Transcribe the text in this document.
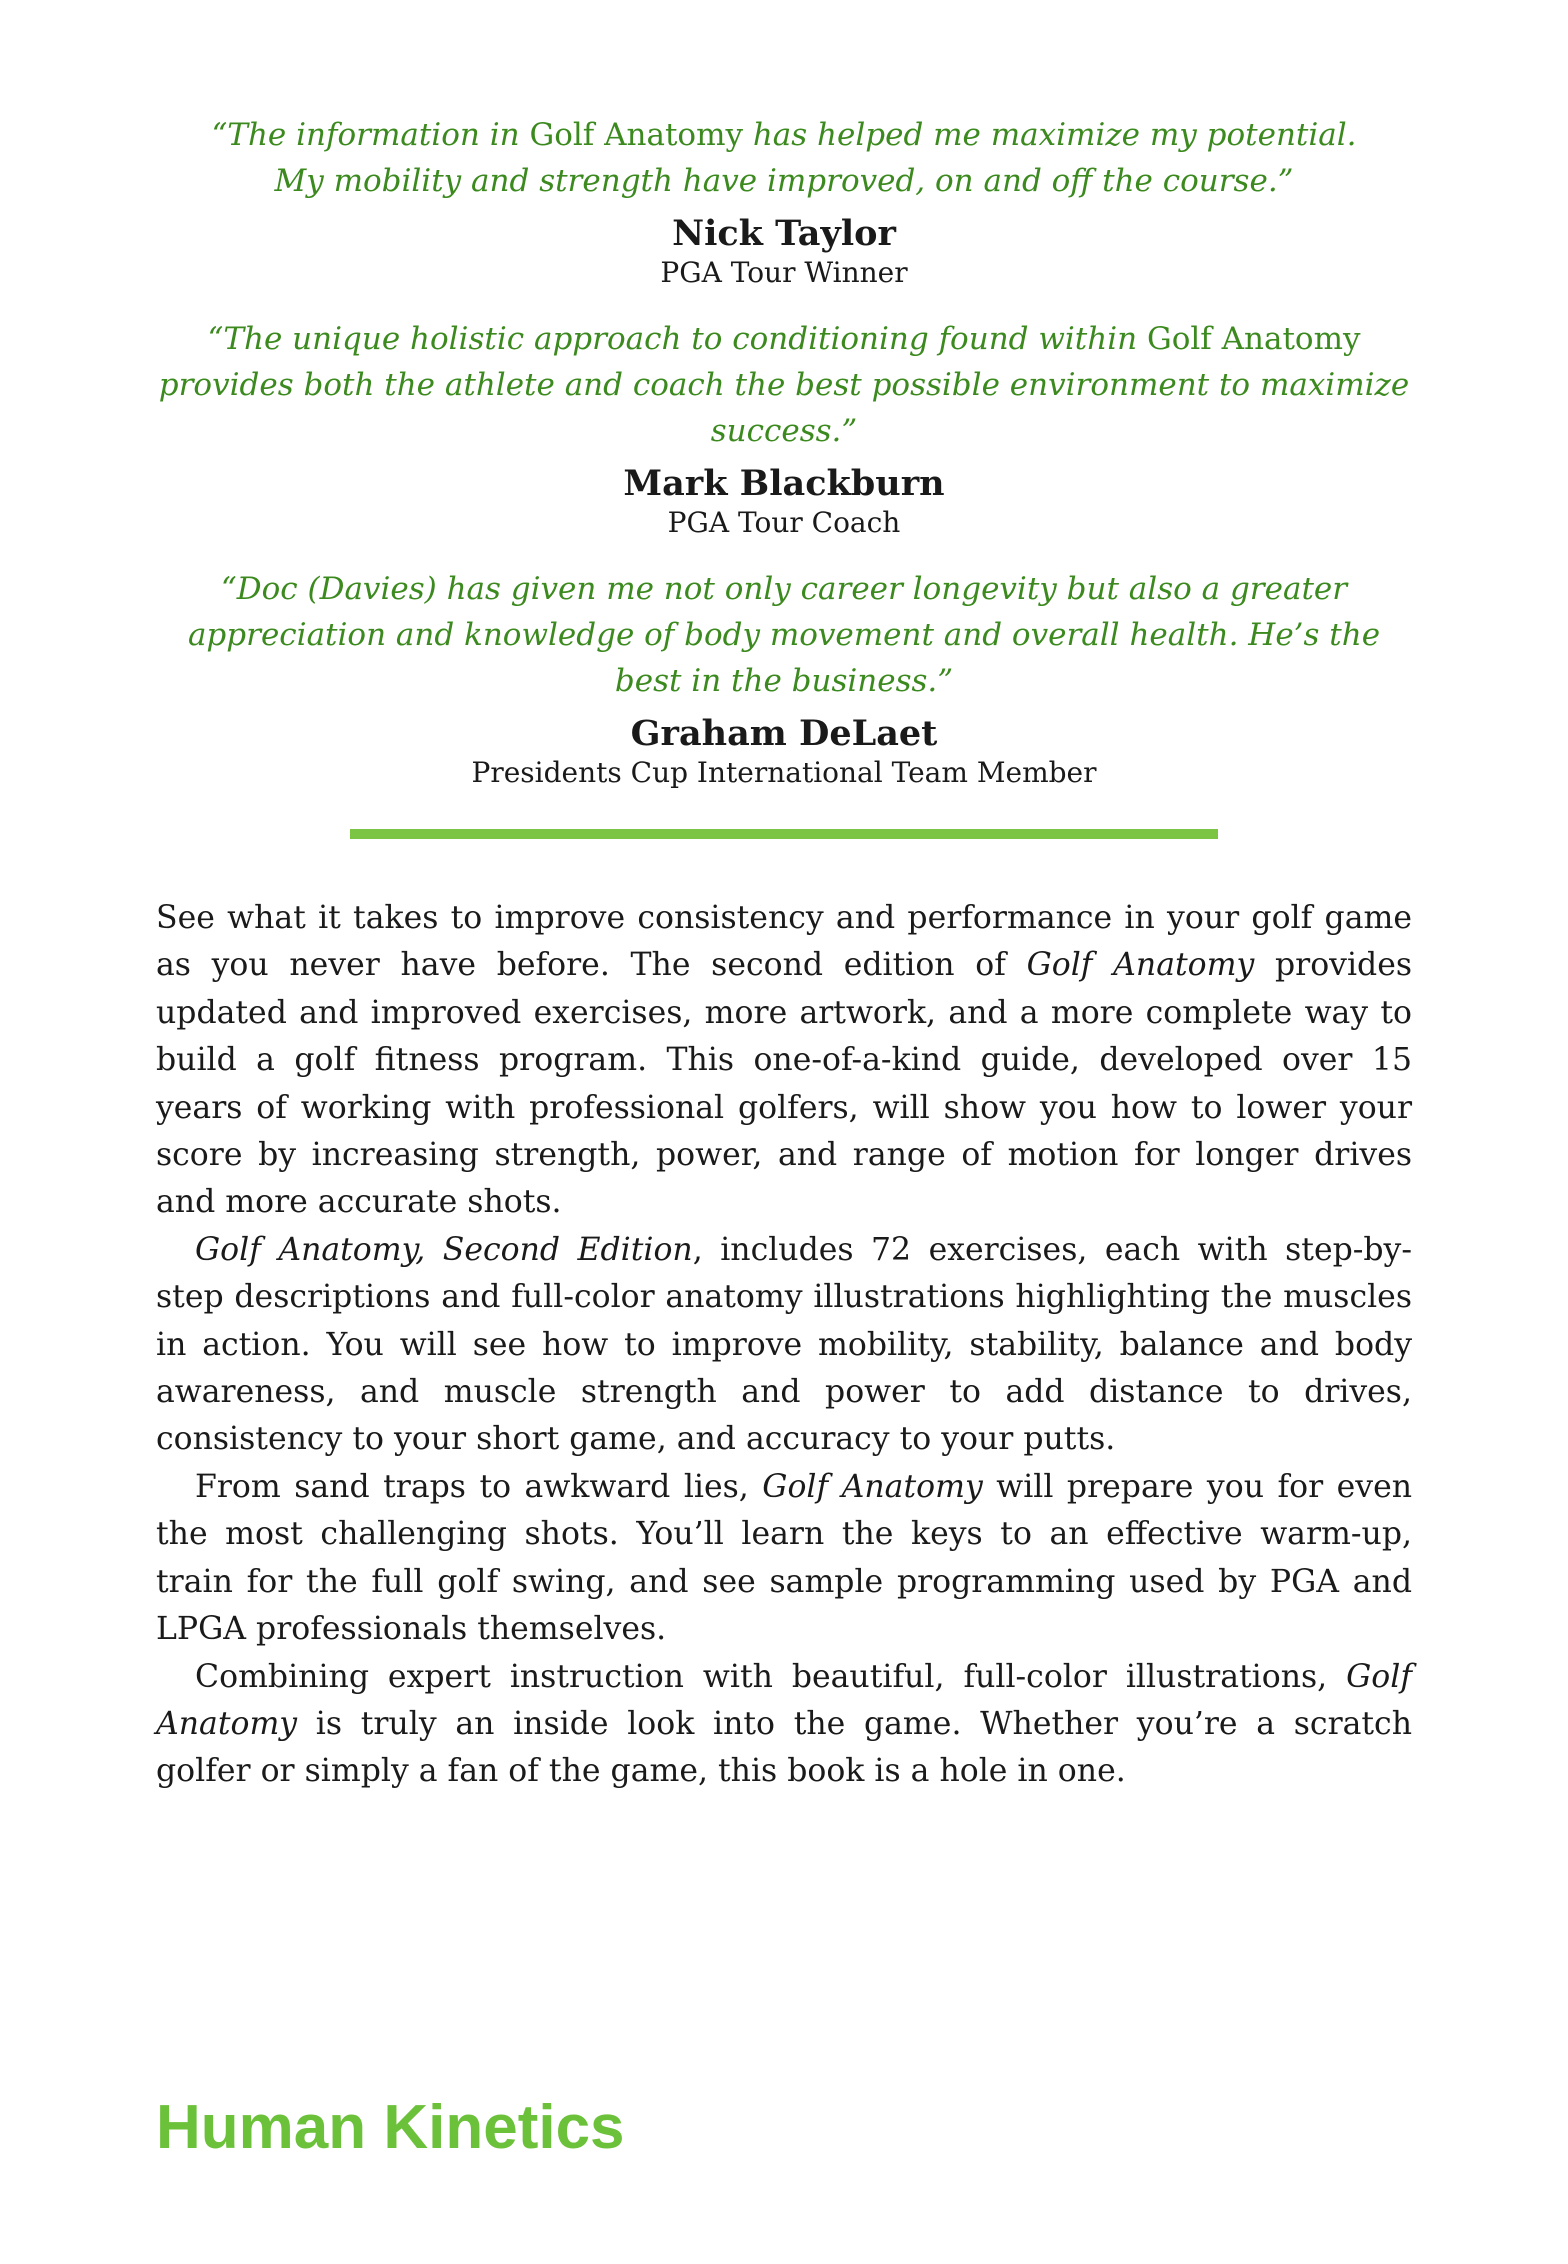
“The information in Golf Anatomy has helped me maximize my potential. My mobility and strength have improved, on and off the course.”
Nick Taylor
PGA Tour Winner
“The unique holistic approach to conditioning found within Golf Anatomy provides both the athlete and coach the best possible environment to maximize success.”
Mark Blackburn
PGA Tour Coach
“Doc (Davies) has given me not only career longevity but also a greater appreciation and knowledge of body movement and overall health. He’s the best in the business.”
Graham DeLaet
Presidents Cup International Team Member

See what it takes to improve consistency and performance in your golf game as you never have before. The second edition of Golf Anatomy provides updated and improved exercises, more artwork, and a more complete way to build a golf fitness program. This one-of-a-kind guide, developed over 15 years of working with professional golfers, will show you how to lower your score by increasing strength, power, and range of motion for longer drives and more accurate shots.

Golf Anatomy, Second Edition, includes 72 exercises, each with step-by-step descriptions and full-color anatomy illustrations highlighting the muscles in action. You will see how to improve mobility, stability, balance and body awareness, and muscle strength and power to add distance to drives, consistency to your short game, and accuracy to your putts.

From sand traps to awkward lies, Golf Anatomy will prepare you for even the most challenging shots. You’ll learn the keys to an effective warm-up, train for the full golf swing, and see sample programming used by PGA and LPGA professionals themselves.

Combining expert instruction with beautiful, full-color illustrations, Golf Anatomy is truly an inside look into the game. Whether you’re a scratch golfer or simply a fan of the game, this book is a hole in one.

Human Kinetics
